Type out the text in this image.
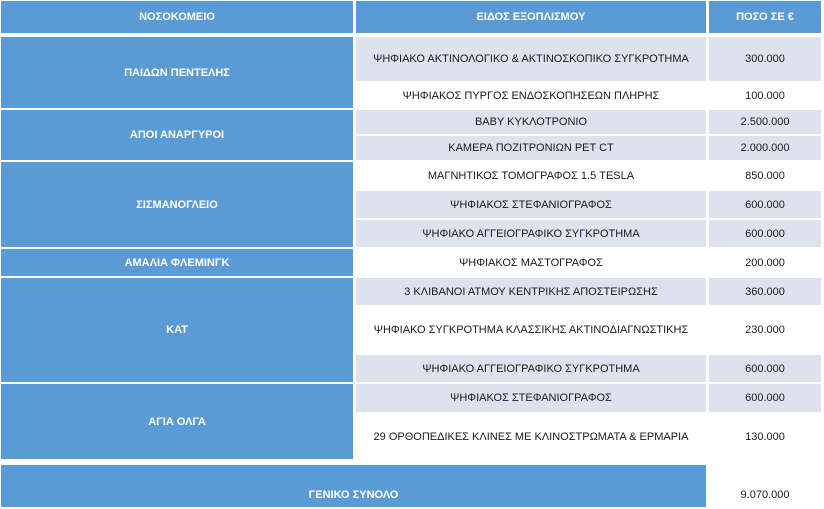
ΝΟΣΟΚΟΜΕΙΟ	ΕΙΔΟΣ ΕΞΟΠΛΙΣΜΟΥ	ΠΟΣΟ ΣΕ €
ΠΑΙΔΩΝ ΠΕΝΤΕΛΗΣ
ΨΗΦΙΑΚΟ ΑΚΤΙΝΟΛΟΓΙΚΟ & ΑΚΤΙΝΟΣΚΟΠΙΚΟ ΣΥΓΚΡΟΤΗΜΑ	300.000
ΨΗΦΙΑΚΟΣ ΠΥΡΓΟΣ ΕΝΔΟΣΚΟΠΗΣΕΩΝ ΠΛΗΡΗΣ	100.000
ΑΠΟΙ ΑΝΑΡΓΥΡΟΙ
BABY ΚΥΚΛΟΤΡΟΝΙΟ	2.500.000
ΚΑΜΕΡΑ ΠΟΖΙΤΡΟΝΙΩΝ PET CT	2.000.000
ΣΙΣΜΑΝΟΓΛΕΙΟ
ΜΑΓΝΗΤΙΚΟΣ ΤΟΜΟΓΡΑΦΟΣ 1.5 TESLA	850.000
ΨΗΦΙΑΚΟΣ ΣΤΕΦΑΝΙΟΓΡΑΦΟΣ	600.000
ΨΗΦΙΑΚΟ ΑΓΓΕΙΟΓΡΑΦΙΚΟ ΣΥΓΚΡΟΤΗΜΑ	600.000
ΑΜΑΛΙΑ ΦΛΕΜΙΝΓΚ	ΨΗΦΙΑΚΟΣ ΜΑΣΤΟΓΡΑΦΟΣ	200.000
ΚΑΤ
3 ΚΛΙΒΑΝΟΙ ΑΤΜΟΥ ΚΕΝΤΡΙΚΗΣ ΑΠΟΣΤΕΙΡΩΣΗΣ	360.000
ΨΗΦΙΑΚΟ ΣΥΓΚΡΟΤΗΜΑ ΚΛΑΣΣΙΚΗΣ ΑΚΤΙΝΟΔΙΑΓΝΩΣΤΙΚΗΣ	230.000
ΨΗΦΙΑΚΟ ΑΓΓΕΙΟΓΡΑΦΙΚΟ ΣΥΓΚΡΟΤΗΜΑ	600.000
ΑΓΙΑ ΟΛΓΑ
ΨΗΦΙΑΚΟΣ ΣΤΕΦΑΝΙΟΓΡΑΦΟΣ	600.000
29 ΟΡΘΟΠΕΔΙΚΕΣ ΚΛΙΝΕΣ ΜΕ ΚΛΙΝΟΣΤΡΩΜΑΤΑ & ΕΡΜΑΡΙΑ	130.000
ΓΕΝΙΚΟ ΣΥΝΟΛΟ	9.070.000
